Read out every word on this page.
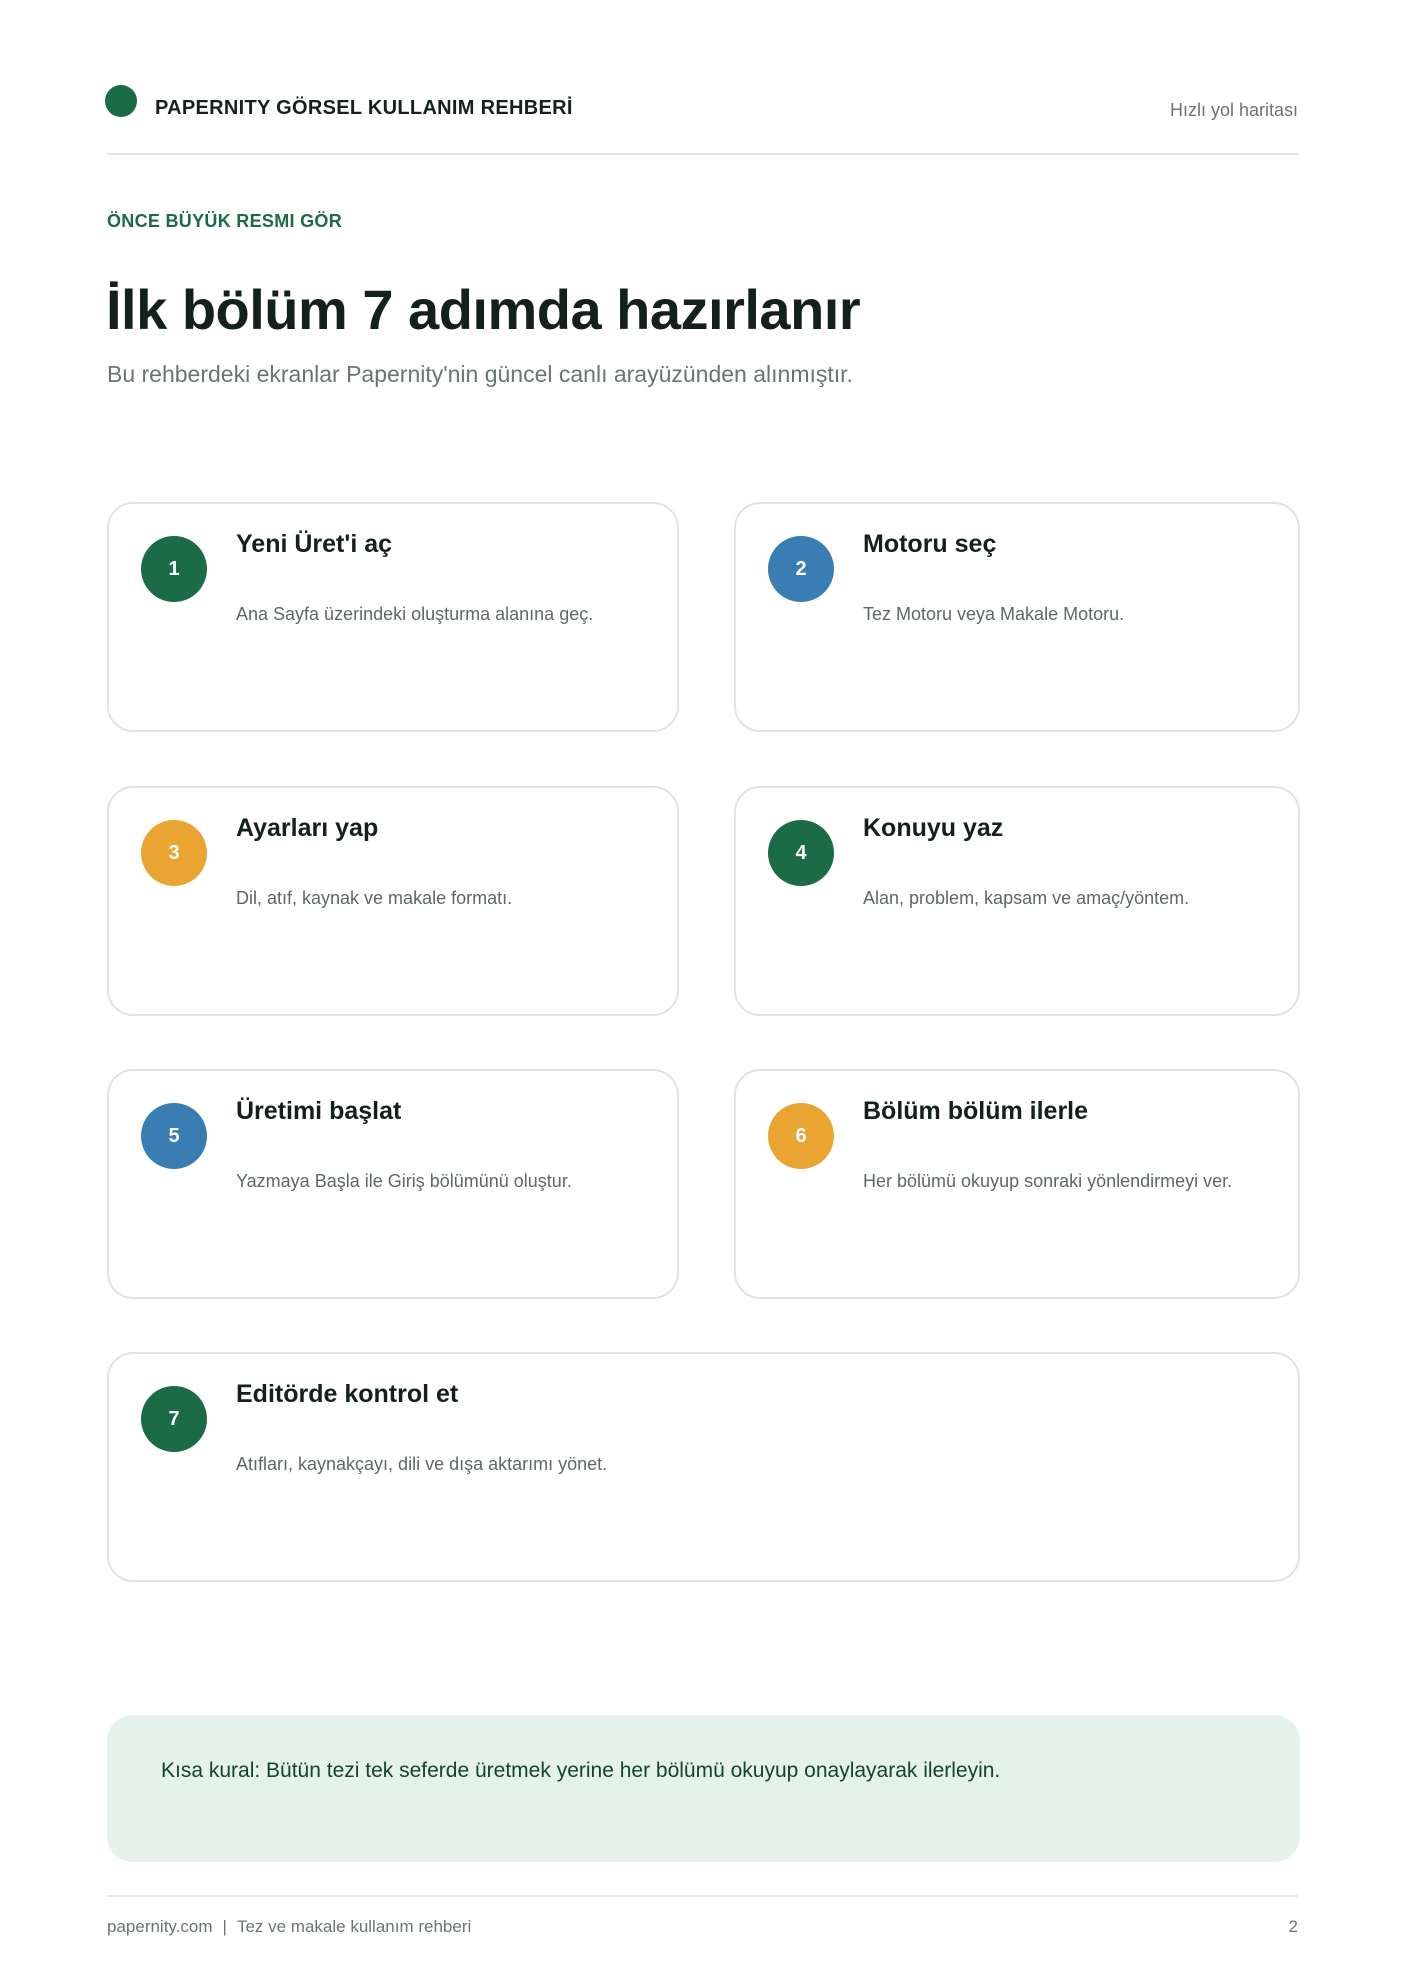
PAPERNITY GÖRSEL KULLANIM REHBERİ	Hızlı yol haritası
ÖNCE BÜYÜK RESMI GÖR
İlk bölüm 7 adımda hazırlanır
Bu rehberdeki ekranlar Papernity'nin güncel canlı arayüzünden alınmıştır.
1
Yeni Üret'i aç
Ana Sayfa üzerindeki oluşturma alanına geç.
2
Motoru seç
Tez Motoru veya Makale Motoru.
3
Ayarları yap
Dil, atıf, kaynak ve makale formatı.
4
Konuyu yaz
Alan, problem, kapsam ve amaç/yöntem.
5
Üretimi başlat
Yazmaya Başla ile Giriş bölümünü oluştur.
6
Bölüm bölüm ilerle
Her bölümü okuyup sonraki yönlendirmeyi ver.
7
Editörde kontrol et
Atıfları, kaynakçayı, dili ve dışa aktarımı yönet.
Kısa kural: Bütün tezi tek seferde üretmek yerine her bölümü okuyup onaylayarak ilerleyin.
papernity.com | Tez ve makale kullanım rehberi	2
